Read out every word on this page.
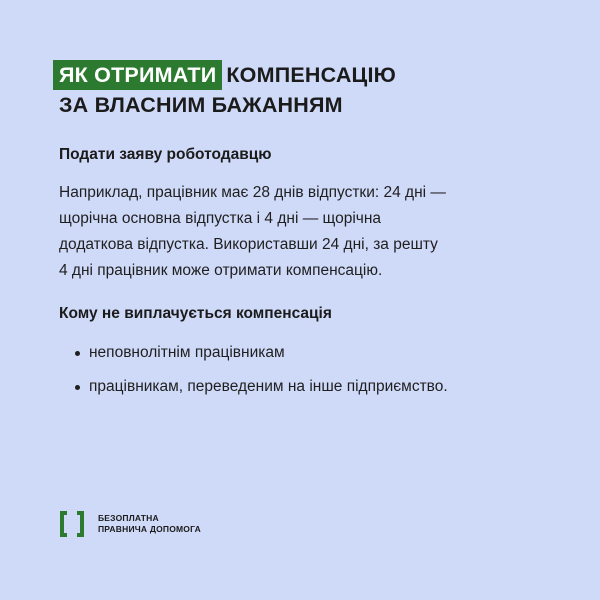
ЯК ОТРИМАТИ КОМПЕНСАЦІЮ
ЗА ВЛАСНИМ БАЖАННЯМ
Подати заяву роботодавцю

Наприклад, працівник має 28 днів відпустки: 24 дні —
щорічна основна відпустка і 4 дні — щорічна
додаткова відпустка. Використавши 24 дні, за решту
4 дні працівник може отримати компенсацію.

Кому не виплачується компенсація
неповнолітнім працівникам
працівникам, переведеним на інше підприємство.
БЕЗОПЛАТНА
ПРАВНИЧА ДОПОМОГА
